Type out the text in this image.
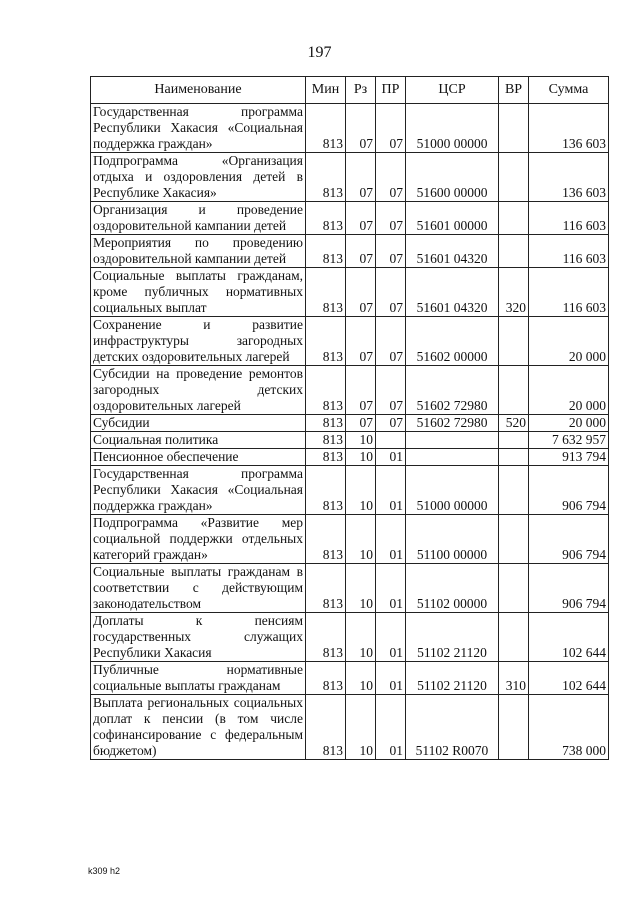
197
Наименование	Мин	Рз	ПР	ЦСР	ВР	Сумма
Государственная программа Республики Хакасия «Социальная поддержка граждан»	813	07	07	51000 00000		136 603
Подпрограмма «Организация отдыха и оздоровления детей в Республике Хакасия»	813	07	07	51600 00000		136 603
Организация и проведение оздоровительной кампании детей	813	07	07	51601 00000		116 603
Мероприятия по проведению оздоровительной кампании детей	813	07	07	51601 04320		116 603
Социальные выплаты гражданам, кроме публичных нормативных социальных выплат	813	07	07	51601 04320	320	116 603
Сохранение и развитие инфраструктуры загородных детских оздоровительных лагерей	813	07	07	51602 00000		20 000
Субсидии на проведение ремонтов загородных детских оздоровительных лагерей	813	07	07	51602 72980		20 000
Субсидии	813	07	07	51602 72980	520	20 000
Социальная политика	813	10				7 632 957
Пенсионное обеспечение	813	10	01			913 794
Государственная программа Республики Хакасия «Социальная поддержка граждан»	813	10	01	51000 00000		906 794
Подпрограмма «Развитие мер социальной поддержки отдельных категорий граждан»	813	10	01	51100 00000		906 794
Социальные выплаты гражданам в соответствии с действующим законодательством	813	10	01	51102 00000		906 794
Доплаты к пенсиям государственных служащих Республики Хакасия	813	10	01	51102 21120		102 644
Публичные нормативные социальные выплаты гражданам	813	10	01	51102 21120	310	102 644
Выплата региональных социальных доплат к пенсии (в том числе софинансирование с федеральным бюджетом)	813	10	01	51102 R0070		738 000
k309 h2
